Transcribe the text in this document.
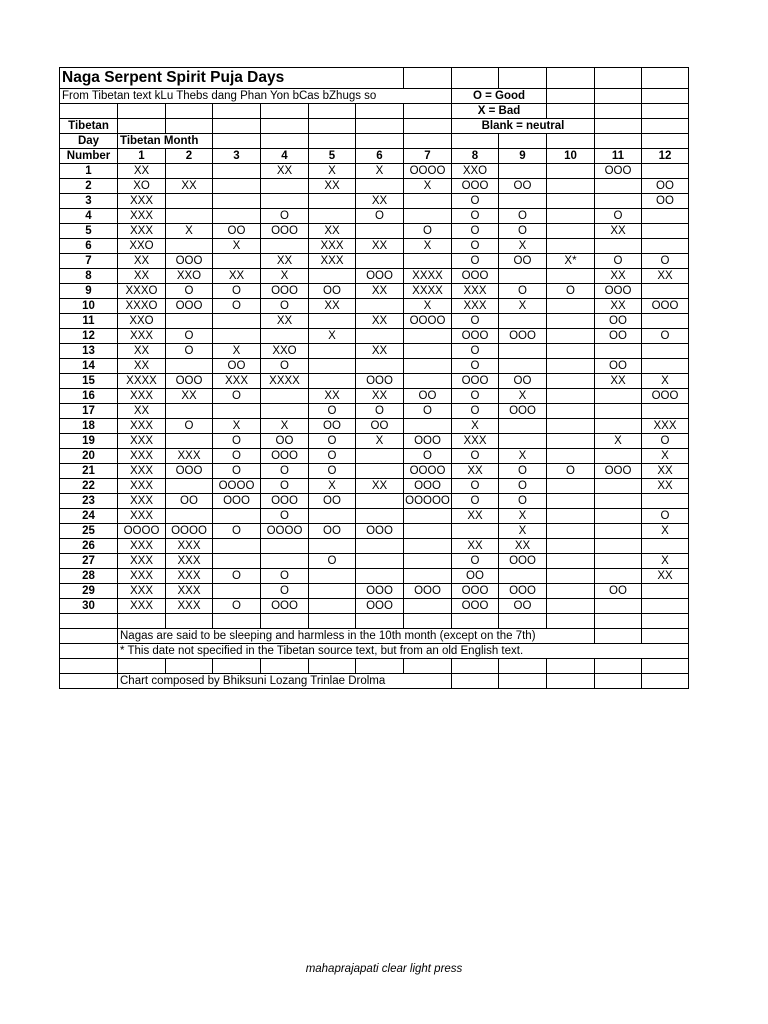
Naga Serpent Spirit Puja Days												
From Tibetan text kLu Thebs dang Phan Yon bCas bZhugs so								O = Good				
								X = Bad				
Tibetan								Blank = neutral				
Day	Tibetan Month											
Number	1	2	3	4	5	6	7	8	9	10	11	12
1	XX			XX	X	X	OOOO	XXO			OOO	
2	XO	XX			XX		X	OOO	OO			OO
3	XXX					XX		O				OO
4	XXX			O		O		O	O		O	
5	XXX	X	OO	OOO	XX		O	O	O		XX	
6	XXO		X		XXX	XX	X	O	X			
7	XX	OOO		XX	XXX			O	OO	X*	O	O
8	XX	XXO	XX	X		OOO	XXXX	OOO			XX	XX
9	XXXO	O	O	OOO	OO	XX	XXXX	XXX	O	O	OOO	
10	XXXO	OOO	O	O	XX		X	XXX	X		XX	OOO
11	XXO			XX		XX	OOOO	O			OO	
12	XXX	O			X			OOO	OOO		OO	O
13	XX	O	X	XXO		XX		O				
14	XX		OO	O				O			OO	
15	XXXX	OOO	XXX	XXXX		OOO		OOO	OO		XX	X
16	XXX	XX	O		XX	XX	OO	O	X			OOO
17	XX				O	O	O	O	OOO			
18	XXX	O	X	X	OO	OO		X				XXX
19	XXX		O	OO	O	X	OOO	XXX			X	O
20	XXX	XXX	O	OOO	O		O	O	X			X
21	XXX	OOO	O	O	O		OOOO	XX	O	O	OOO	XX
22	XXX		OOOO	O	X	XX	OOO	O	O			XX
23	XXX	OO	OOO	OOO	OO		OOOOO	O	O			
24	XXX			O				XX	X			O
25	OOOO	OOOO	O	OOOO	OO	OOO			X			X
26	XXX	XXX						XX	XX			
27	XXX	XXX			O			O	OOO			X
28	XXX	XXX	O	O				OO				XX
29	XXX	XXX		O		OOO	OOO	OOO	OOO		OO	
30	XXX	XXX	O	OOO		OOO		OOO	OO			

	Nagas are said to be sleeping and harmless in the 10th month (except on the 7th)											
	* This date not specified in the Tibetan source text, but from an old English text.											

	Chart composed by Bhiksuni Lozang Trinlae Drolma											
mahaprajapati clear light press
